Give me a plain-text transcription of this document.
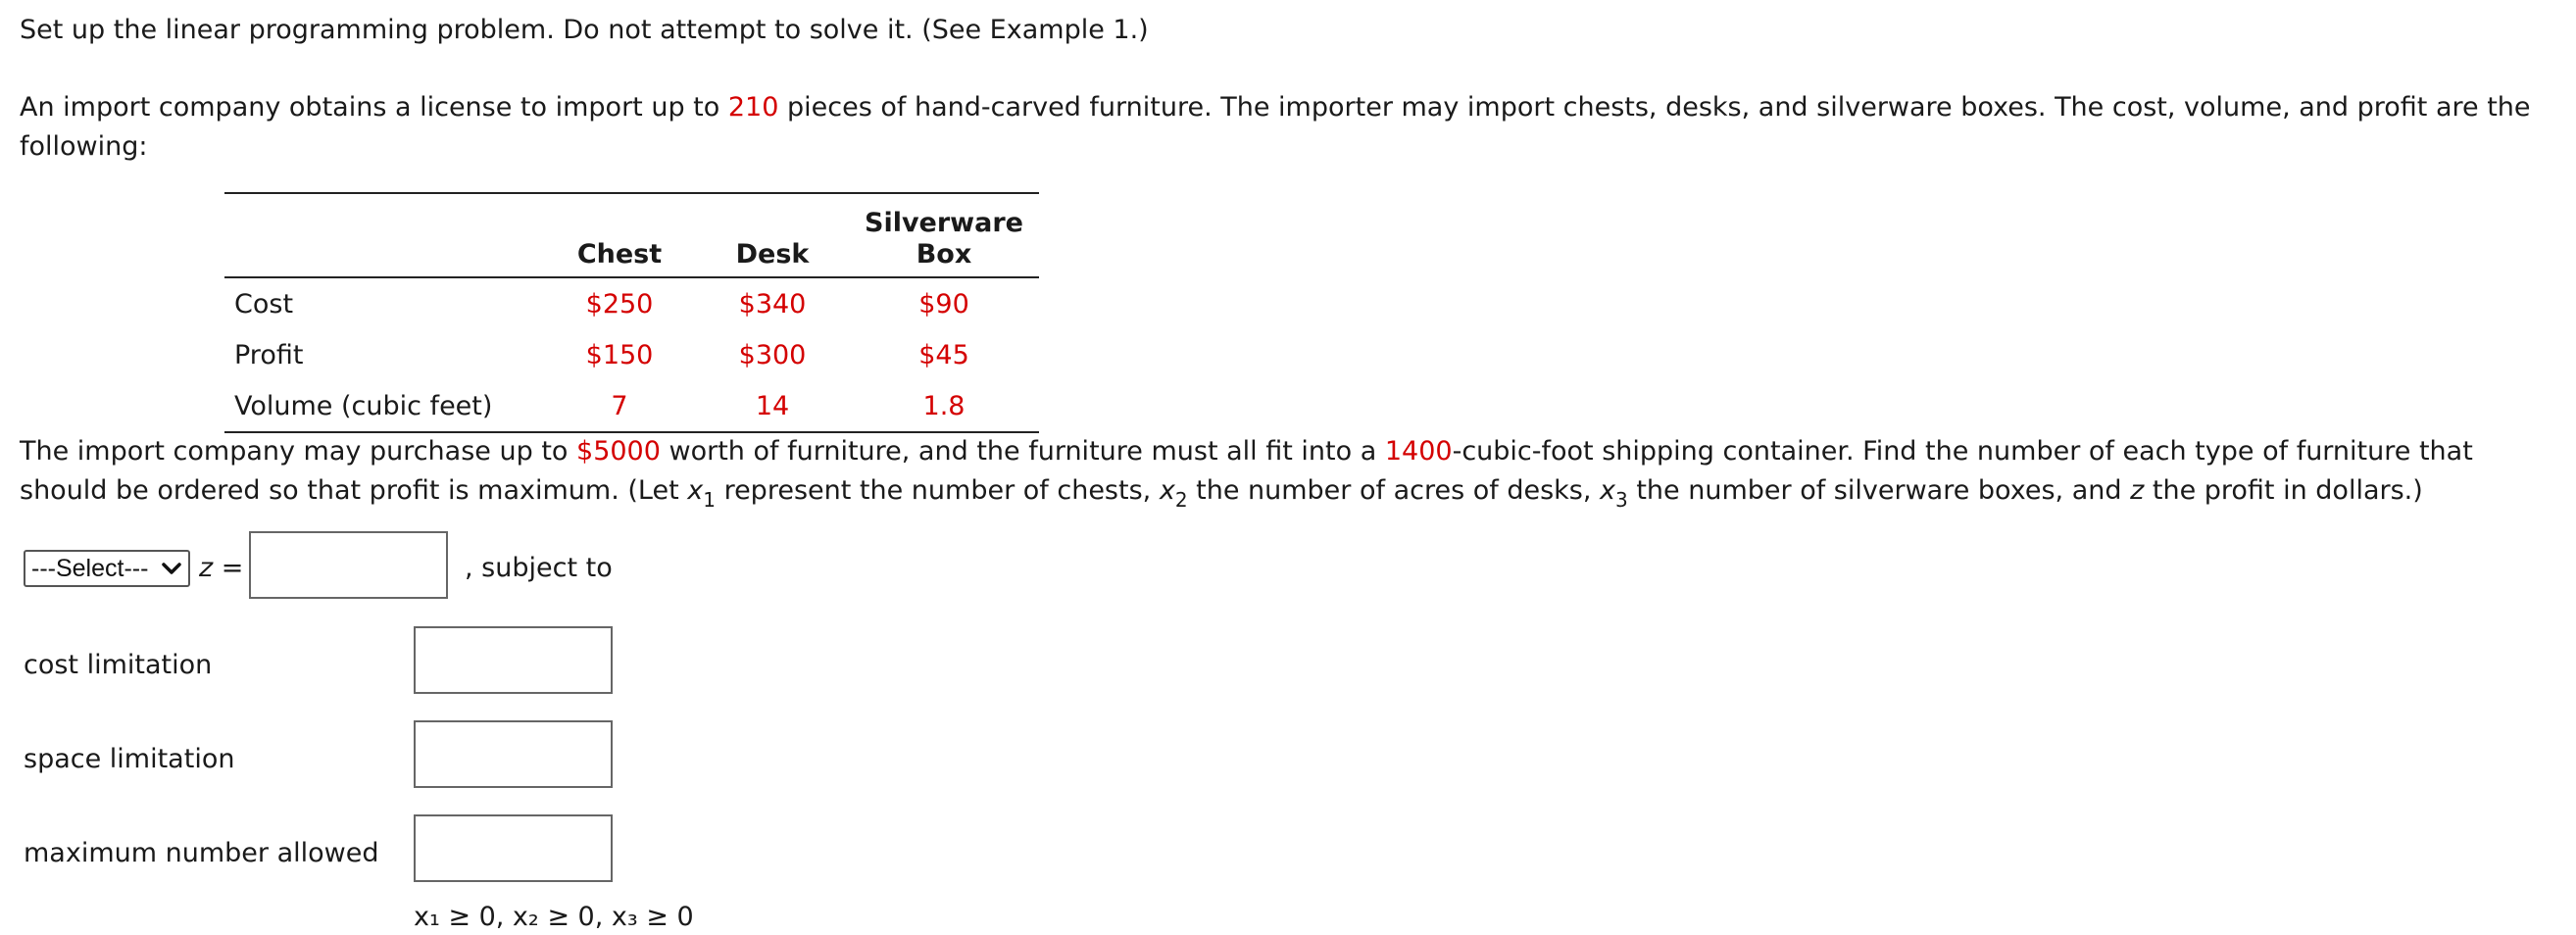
Set up the linear programming problem. Do not attempt to solve it. (See Example 1.)

An import company obtains a license to import up to 210 pieces of hand-carved furniture. The importer may import chests, desks, and silverware boxes. The cost, volume, and profit are the following:

	Chest	Desk	Silverware
Box
Cost	$250	$340	$90
Profit	$150	$300	$45
Volume (cubic feet)	7	14	1.8

The import company may purchase up to $5000 worth of furniture, and the furniture must all fit into a 1400-cubic-foot shipping container. Find the number of each type of furniture that should be ordered so that profit is maximum. (Let $x_1$ represent the number of chests, $x_2$ the number of acres of desks, $x_3$ the number of silverware boxes, and z the profit in dollars.)

---Select--- z =	, subject to
cost limitation
space limitation
maximum number allowed
x₁ ≥ 0, x₂ ≥ 0, x₃ ≥ 0
